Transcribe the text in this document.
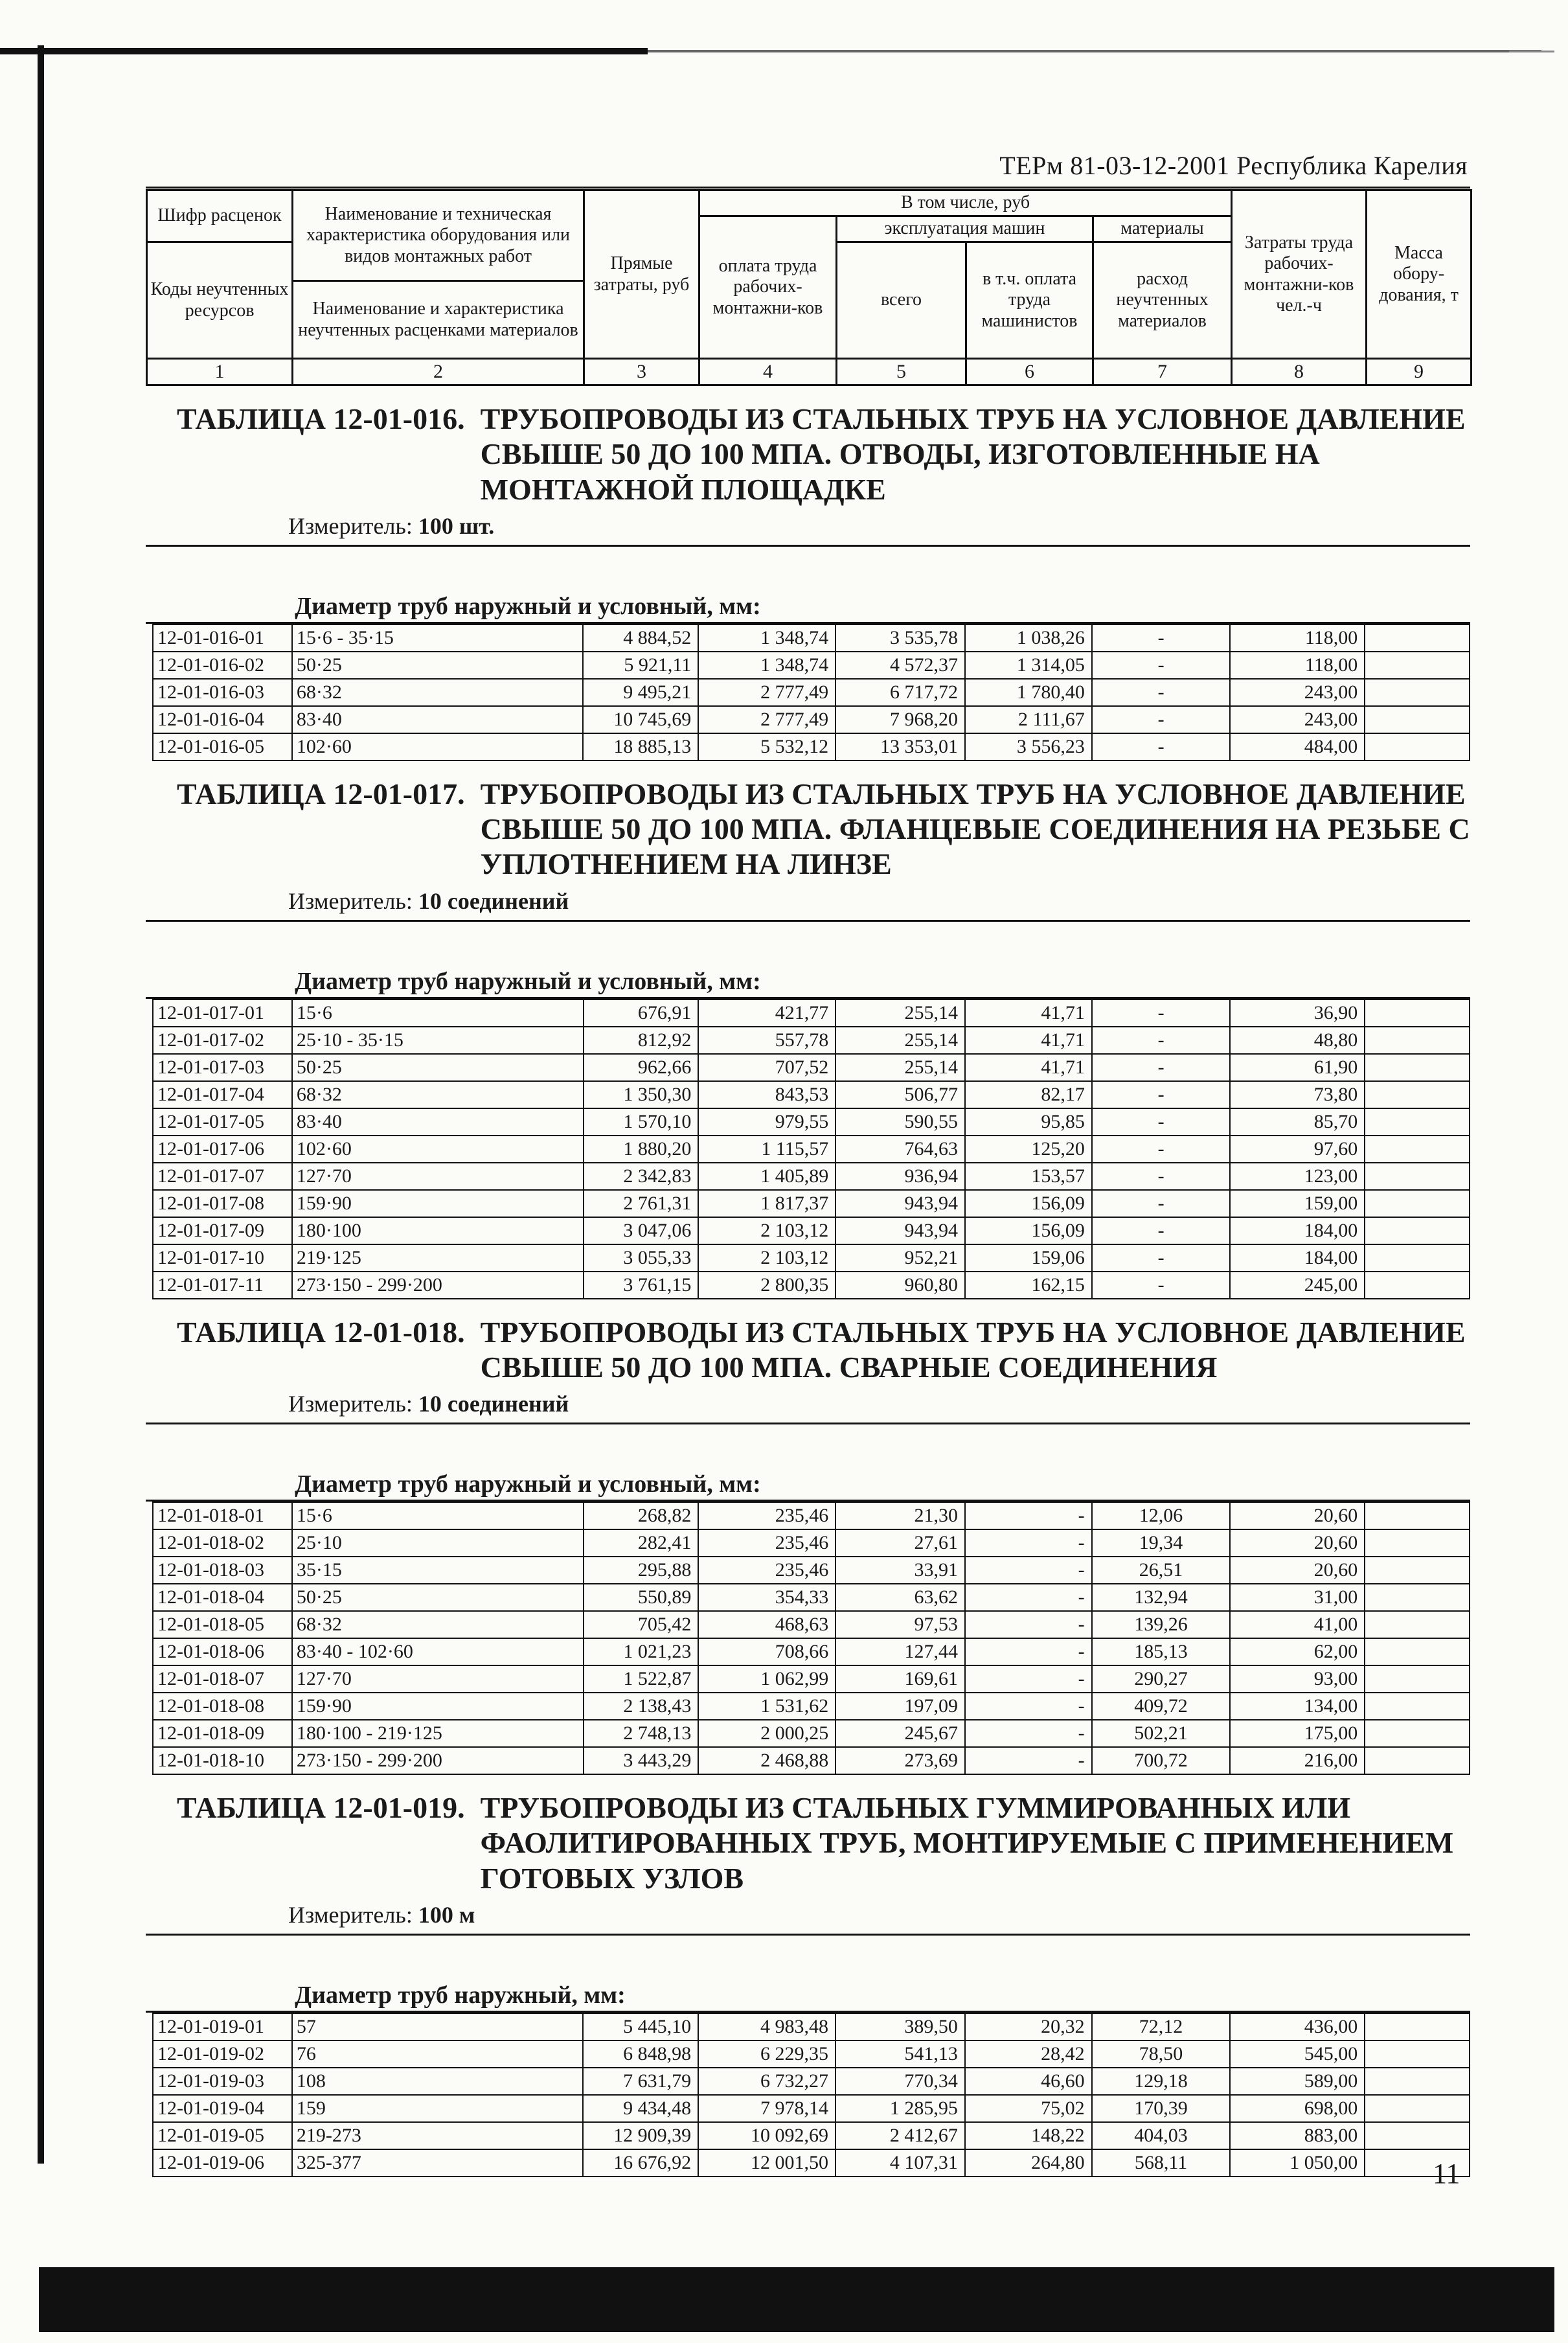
ТЕРм 81-03-12-2001 Республика Карелия
Шифр расценок	Наименование и техническая характеристика оборудования или видов монтажных работ	Прямые затраты, руб	В том числе, руб				Затраты труда рабочих-монтажни-ков чел.-ч	Масса обору-дования, т
			оплата труда рабочих-монтажни-ков	эксплуатация машин		материалы		
Коды неучтенных ресурсов				всего	в т.ч. оплата труда машинистов	расход неучтенных материалов		
	Наименование и характеристика неучтенных расценками материалов							

1	2	3	4	5	6	7	8	9
ТАБЛИЦА 12-01-016. ТРУБОПРОВОДЫ ИЗ СТАЛЬНЫХ ТРУБ НА УСЛОВНОЕ ДАВЛЕНИЕ СВЫШЕ 50 ДО 100 МПА. ОТВОДЫ, ИЗГОТОВЛЕННЫЕ НА МОНТАЖНОЙ ПЛОЩАДКЕ
Измеритель: 100 шт.
Диаметр труб наружный и условный, мм:
12-01-016-01	15·6 - 35·15	4 884,52	1 348,74	3 535,78	1 038,26	-	118,00	
12-01-016-02	50·25	5 921,11	1 348,74	4 572,37	1 314,05	-	118,00	
12-01-016-03	68·32	9 495,21	2 777,49	6 717,72	1 780,40	-	243,00	
12-01-016-04	83·40	10 745,69	2 777,49	7 968,20	2 111,67	-	243,00	
12-01-016-05	102·60	18 885,13	5 532,12	13 353,01	3 556,23	-	484,00	
ТАБЛИЦА 12-01-017. ТРУБОПРОВОДЫ ИЗ СТАЛЬНЫХ ТРУБ НА УСЛОВНОЕ ДАВЛЕНИЕ СВЫШЕ 50 ДО 100 МПА. ФЛАНЦЕВЫЕ СОЕДИНЕНИЯ НА РЕЗЬБЕ С УПЛОТНЕНИЕМ НА ЛИНЗЕ
Измеритель: 10 соединений
Диаметр труб наружный и условный, мм:
12-01-017-01	15·6	676,91	421,77	255,14	41,71	-	36,90	
12-01-017-02	25·10 - 35·15	812,92	557,78	255,14	41,71	-	48,80	
12-01-017-03	50·25	962,66	707,52	255,14	41,71	-	61,90	
12-01-017-04	68·32	1 350,30	843,53	506,77	82,17	-	73,80	
12-01-017-05	83·40	1 570,10	979,55	590,55	95,85	-	85,70	
12-01-017-06	102·60	1 880,20	1 115,57	764,63	125,20	-	97,60	
12-01-017-07	127·70	2 342,83	1 405,89	936,94	153,57	-	123,00	
12-01-017-08	159·90	2 761,31	1 817,37	943,94	156,09	-	159,00	
12-01-017-09	180·100	3 047,06	2 103,12	943,94	156,09	-	184,00	
12-01-017-10	219·125	3 055,33	2 103,12	952,21	159,06	-	184,00	
12-01-017-11	273·150 - 299·200	3 761,15	2 800,35	960,80	162,15	-	245,00	
ТАБЛИЦА 12-01-018. ТРУБОПРОВОДЫ ИЗ СТАЛЬНЫХ ТРУБ НА УСЛОВНОЕ ДАВЛЕНИЕ СВЫШЕ 50 ДО 100 МПА. СВАРНЫЕ СОЕДИНЕНИЯ
Измеритель: 10 соединений
Диаметр труб наружный и условный, мм:
12-01-018-01	15·6	268,82	235,46	21,30	-	12,06	20,60	
12-01-018-02	25·10	282,41	235,46	27,61	-	19,34	20,60	
12-01-018-03	35·15	295,88	235,46	33,91	-	26,51	20,60	
12-01-018-04	50·25	550,89	354,33	63,62	-	132,94	31,00	
12-01-018-05	68·32	705,42	468,63	97,53	-	139,26	41,00	
12-01-018-06	83·40 - 102·60	1 021,23	708,66	127,44	-	185,13	62,00	
12-01-018-07	127·70	1 522,87	1 062,99	169,61	-	290,27	93,00	
12-01-018-08	159·90	2 138,43	1 531,62	197,09	-	409,72	134,00	
12-01-018-09	180·100 - 219·125	2 748,13	2 000,25	245,67	-	502,21	175,00	
12-01-018-10	273·150 - 299·200	3 443,29	2 468,88	273,69	-	700,72	216,00	
ТАБЛИЦА 12-01-019. ТРУБОПРОВОДЫ ИЗ СТАЛЬНЫХ ГУММИРОВАННЫХ ИЛИ ФАОЛИТИРОВАННЫХ ТРУБ, МОНТИРУЕМЫЕ С ПРИМЕНЕНИЕМ ГОТОВЫХ УЗЛОВ
Измеритель: 100 м
Диаметр труб наружный, мм:
12-01-019-01	57	5 445,10	4 983,48	389,50	20,32	72,12	436,00	
12-01-019-02	76	6 848,98	6 229,35	541,13	28,42	78,50	545,00	
12-01-019-03	108	7 631,79	6 732,27	770,34	46,60	129,18	589,00	
12-01-019-04	159	9 434,48	7 978,14	1 285,95	75,02	170,39	698,00	
12-01-019-05	219-273	12 909,39	10 092,69	2 412,67	148,22	404,03	883,00	
12-01-019-06	325-377	16 676,92	12 001,50	4 107,31	264,80	568,11	1 050,00		11
